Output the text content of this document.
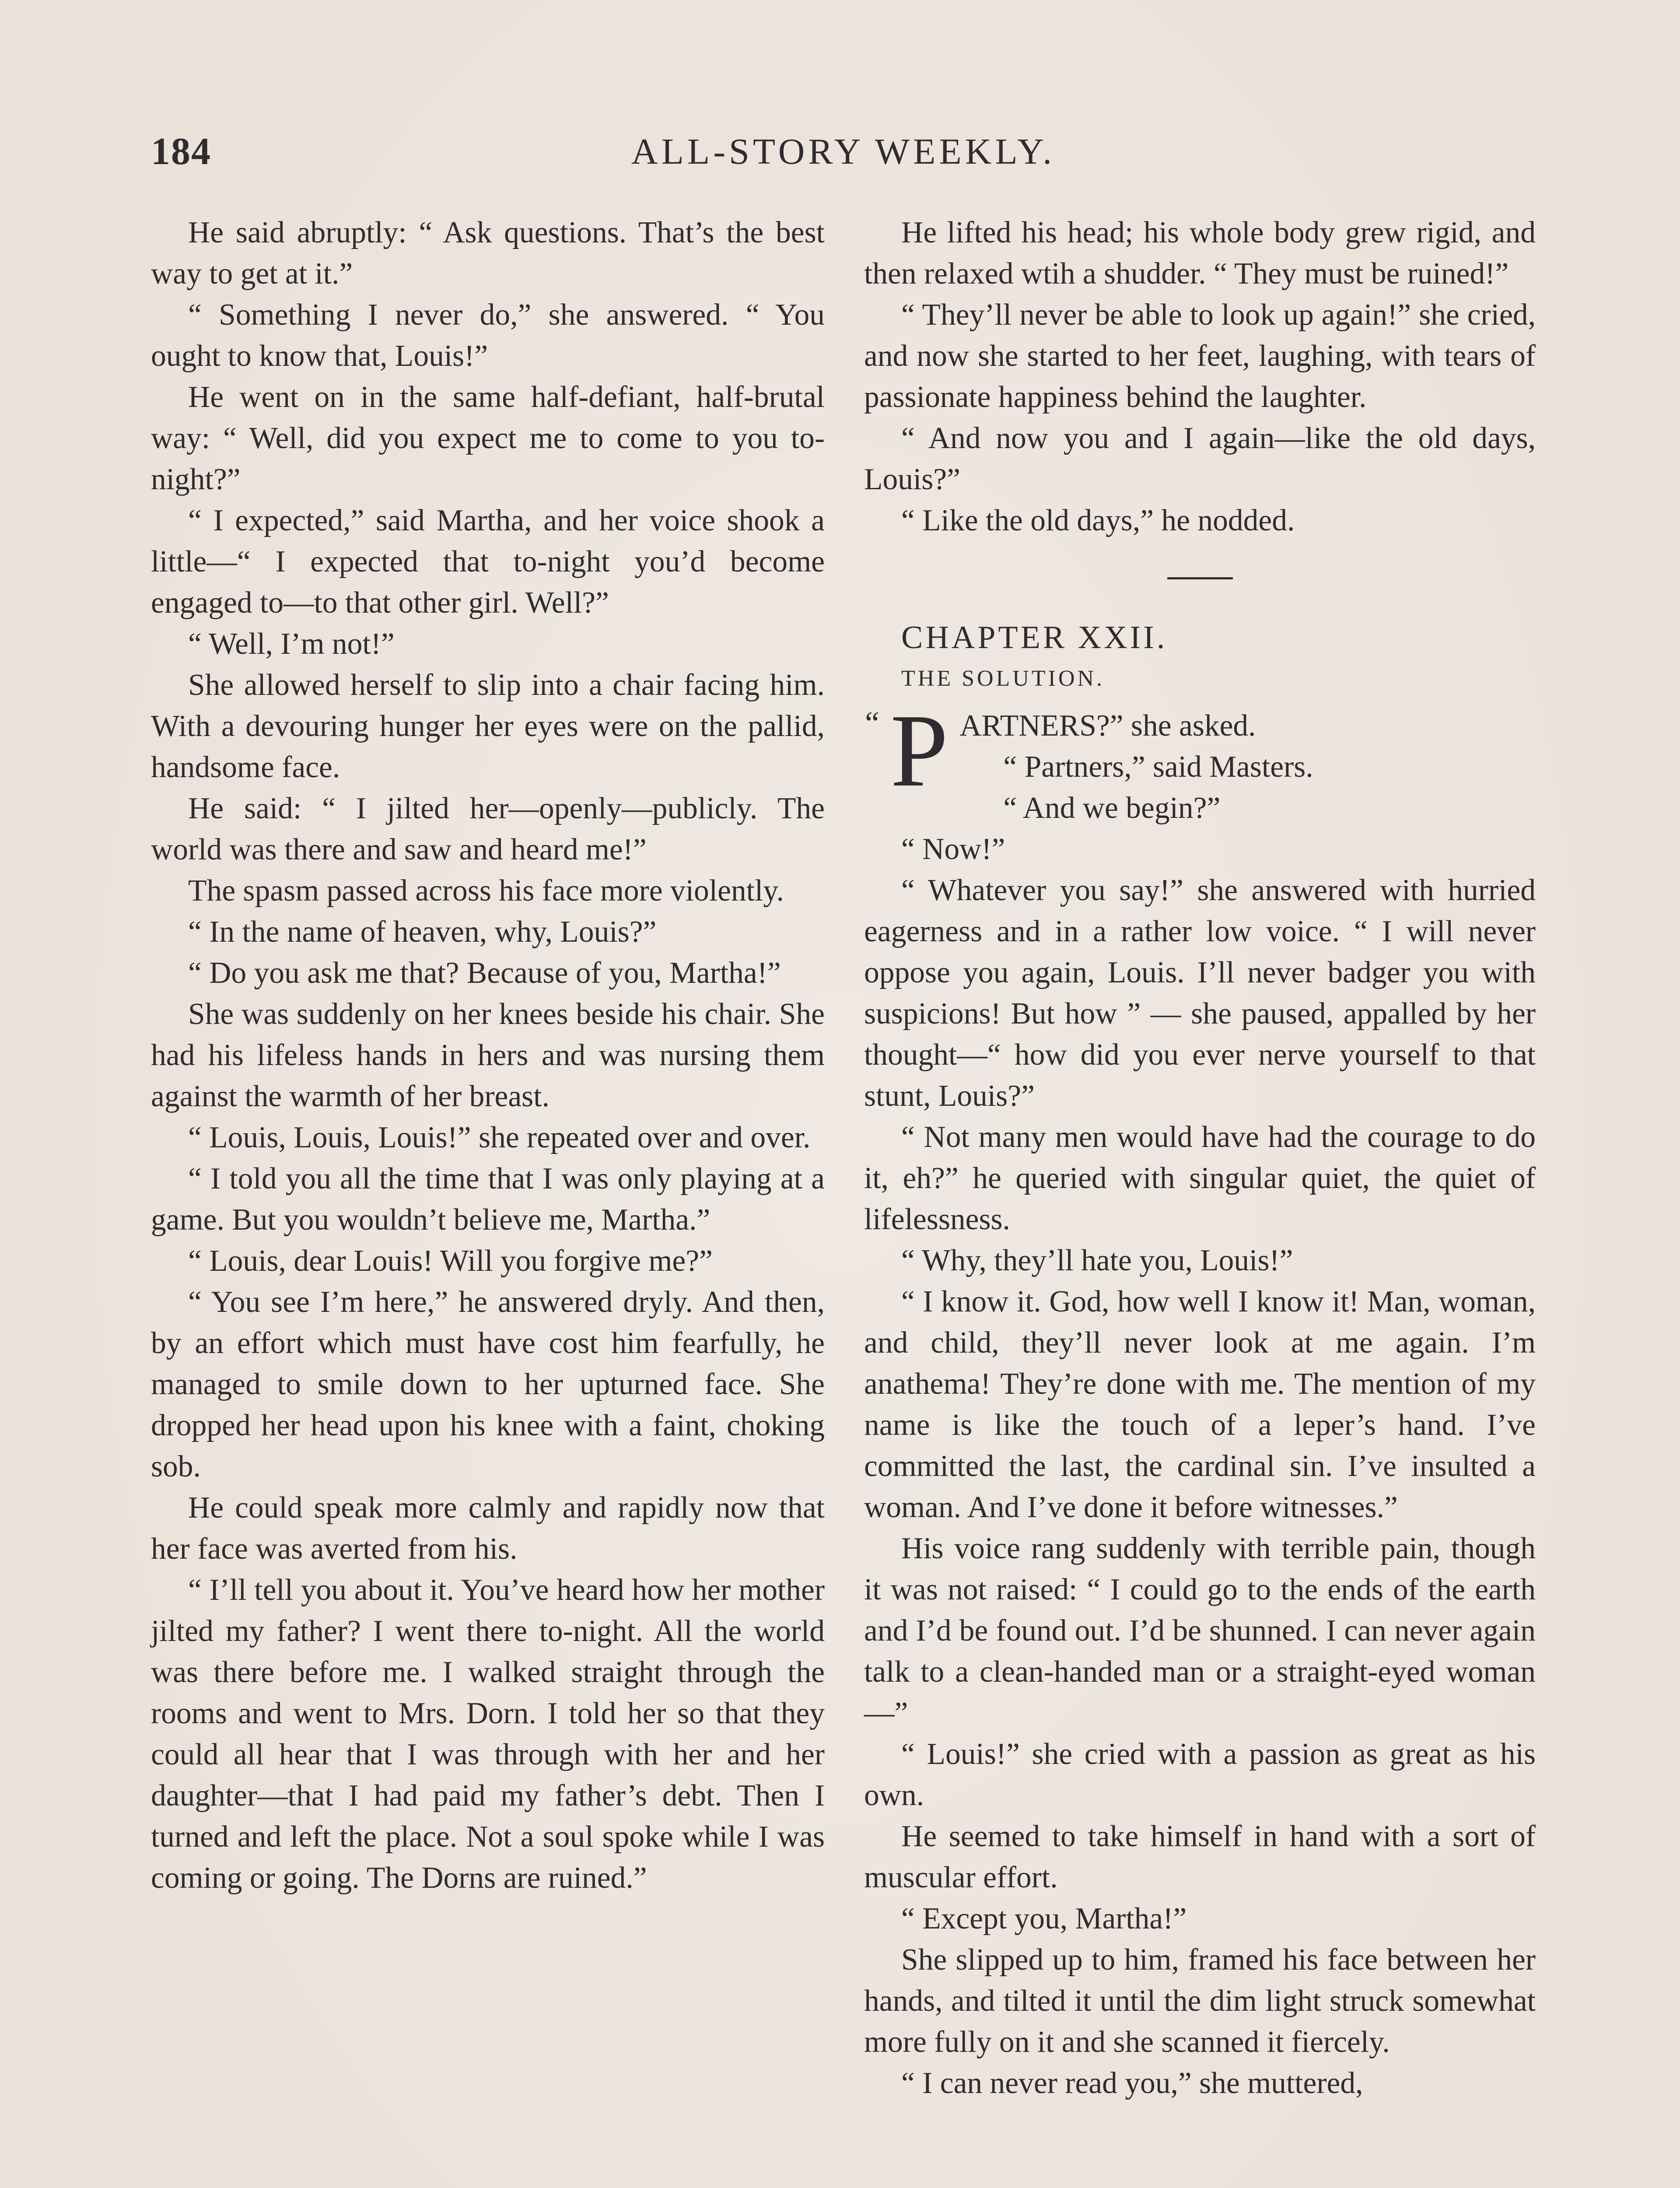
184	ALL-STORY WEEKLY.

He said abruptly: “ Ask questions. That’s the best way to get at it.”

“ Something I never do,” she answered. “ You ought to know that, Louis!”

He went on in the same half-defiant, half-brutal way: “ Well, did you expect me to come to you to-night?”

“ I expected,” said Martha, and her voice shook a little—“ I expected that to-night you’d become engaged to—to that other girl. Well?”

“ Well, I’m not!”

She allowed herself to slip into a chair facing him. With a devouring hunger her eyes were on the pallid, handsome face.

He said: “ I jilted her—openly—publicly. The world was there and saw and heard me!”

The spasm passed across his face more violently.

“ In the name of heaven, why, Louis?”

“ Do you ask me that? Because of you, Martha!”

She was suddenly on her knees beside his chair. She had his lifeless hands in hers and was nursing them against the warmth of her breast.

“ Louis, Louis, Louis!” she repeated over and over.

“ I told you all the time that I was only playing at a game. But you wouldn’t believe me, Martha.”

“ Louis, dear Louis! Will you forgive me?”

“ You see I’m here,” he answered dryly. And then, by an effort which must have cost him fearfully, he managed to smile down to her upturned face. She dropped her head upon his knee with a faint, choking sob.

He could speak more calmly and rapidly now that her face was averted from his.

“ I’ll tell you about it. You’ve heard how her mother jilted my father? I went there to-night. All the world was there before me. I walked straight through the rooms and went to Mrs. Dorn. I told her so that they could all hear that I was through with her and her daughter—that I had paid my father’s debt. Then I turned and left the place. Not a soul spoke while I was coming or going. The Dorns are ruined.”

He lifted his head; his whole body grew rigid, and then relaxed wtih a shudder. “ They must be ruined!”

“ They’ll never be able to look up again!” she cried, and now she started to her feet, laughing, with tears of passionate happiness behind the laughter.

“ And now you and I again—like the old days, Louis?”

“ Like the old days,” he nodded.

CHAPTER XXII.

THE SOLUTION.

“ P ARTNERS?” she asked.

“ Partners,” said Masters.

“ And we begin?”

“ Now!”

“ Whatever you say!” she answered with hurried eagerness and in a rather low voice. “ I will never oppose you again, Louis. I’ll never badger you with suspicions! But how ” — she paused, appalled by her thought—“ how did you ever nerve yourself to that stunt, Louis?”

“ Not many men would have had the courage to do it, eh?” he queried with singular quiet, the quiet of lifelessness.

“ Why, they’ll hate you, Louis!”

“ I know it. God, how well I know it! Man, woman, and child, they’ll never look at me again. I’m anathema! They’re done with me. The mention of my name is like the touch of a leper’s hand. I’ve committed the last, the cardinal sin. I’ve insulted a woman. And I’ve done it before witnesses.”

His voice rang suddenly with terrible pain, though it was not raised: “ I could go to the ends of the earth and I’d be found out. I’d be shunned. I can never again talk to a clean-handed man or a straight-eyed woman—”

“ Louis!” she cried with a passion as great as his own.

He seemed to take himself in hand with a sort of muscular effort.

“ Except you, Martha!”

She slipped up to him, framed his face between her hands, and tilted it until the dim light struck somewhat more fully on it and she scanned it fiercely.

“ I can never read you,” she muttered,
